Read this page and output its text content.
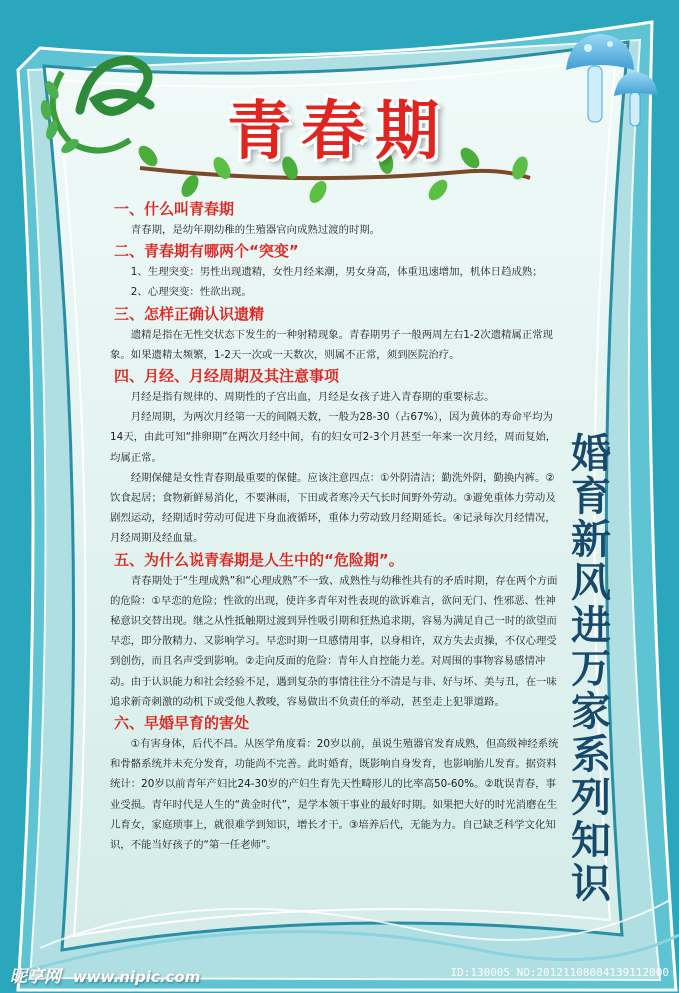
青春期
一、什么叫青春期

青春期，是幼年期幼稚的生殖器官向成熟过渡的时期。

二、青春期有哪两个“突变”

1、生理突变：男性出现遗精，女性月经来潮，男女身高，体重迅速增加，机体日趋成熟；

2、心理突变：性欲出现。

三、怎样正确认识遗精

遗精是指在无性交状态下发生的一种射精现象。青春期男子一般两周左右1-2次遗精属正常现象。如果遗精太频繁，1-2天一次或一天数次，则属不正常，须到医院治疗。

四、月经、月经周期及其注意事项

月经是指有规律的、周期性的子宫出血，月经是女孩子进入青春期的重要标志。

月经周期，为两次月经第一天的间隔天数，一般为28-30（占67%），因为黄体的寿命平均为14天，由此可知“排卵期”在两次月经中间，有的妇女可2-3个月甚至一年来一次月经，周而复始，均属正常。

经期保健是女性青春期最重要的保健。应该注意四点：①外阴清洁；勤洗外阴，勤换内裤。②饮食起居；食物新鲜易消化，不要淋雨，下田或者寒冷天气长时间野外劳动。③避免重体力劳动及剧烈运动，经期适时劳动可促进下身血液循环，重体力劳动致月经期延长。④记录每次月经情况，月经周期及经血量。

五、为什么说青春期是人生中的“危险期”。

青春期处于“生理成熟”和“心理成熟”不一致、成熟性与幼稚性共有的矛盾时期，存在两个方面的危险：①早恋的危险；性欲的出现，使许多青年对性表现的欲诉难言，欲问无门、性邪恶、性神秘意识交替出现。继之从性抵触期过渡到异性吸引期和狂热追求期，容易为满足自己一时的欲望而早恋，即分散精力、又影响学习。早恋时期一旦感情用事，以身相许，双方失去贞操，不仅心理受到创伤，而且名声受到影响。②走向反面的危险：青年人自控能力差。对周围的事物容易感情冲动。由于认识能力和社会经验不足，遇到复杂的事情往往分不清是与非、好与坏、美与丑，在一味追求新奇刺激的动机下或受他人教唆，容易做出不负责任的举动，甚至走上犯罪道路。

六、早婚早育的害处

①有害身体，后代不昌。从医学角度看：20岁以前，虽说生殖器官发育成熟，但高级神经系统和骨骼系统并未充分发育，功能尚不完善。此时婚育，既影响自身发育，也影响胎儿发育。据资料统计：20岁以前青年产妇比24-30岁的产妇生育先天性畸形儿的比率高50-60%。②耽误青春，事业受损。青年时代是人生的“黄金时代”，是学本领干事业的最好时期。如果把大好的时光消磨在生儿育女，家庭琐事上，就很难学到知识，增长才干。③培养后代，无能为力。自己缺乏科学文化知识，不能当好孩子的“第一任老师”。

婚
育
新
风
进
万
家
系
列
知
识
昵享网 www.nipic.com	ID:130005 NO:20121108084139112000
